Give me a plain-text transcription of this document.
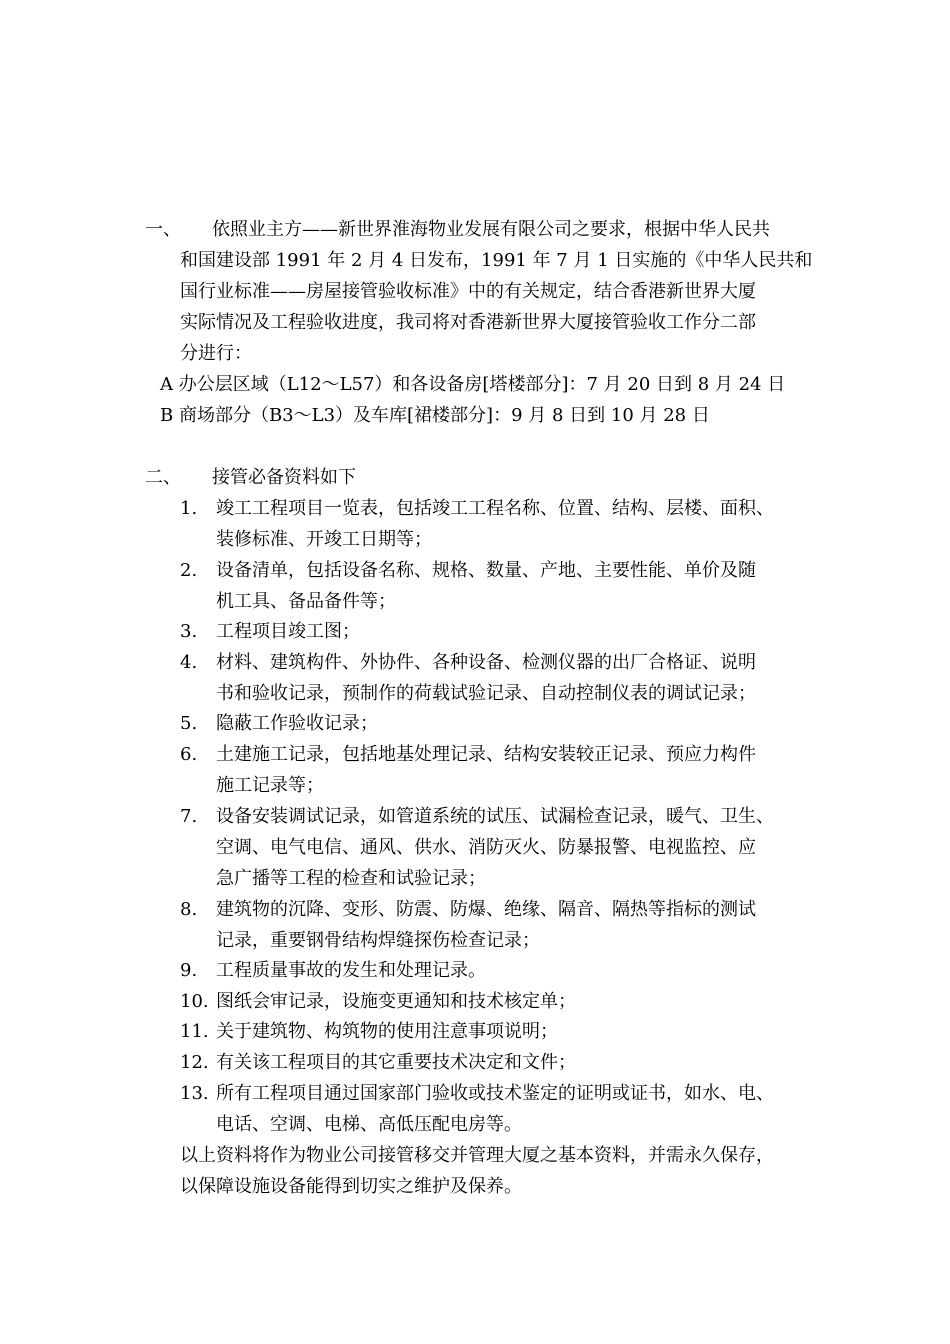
一、 依照业主方——新世界淮海物业发展有限公司之要求，根据中华人民共
和国建设部 1991 年 2 月 4 日发布，1991 年 7 月 1 日实施的《中华人民共和
国行业标准——房屋接管验收标准》中的有关规定，结合香港新世界大厦
实际情况及工程验收进度，我司将对香港新世界大厦接管验收工作分二部
分进行：
A 办公层区域（L12～L57）和各设备房[塔楼部分]：7 月 20 日到 8 月 24 日
B 商场部分（B3～L3）及车库[裙楼部分]：9 月 8 日到 10 月 28 日
二、 接管必备资料如下
1. 竣工工程项目一览表，包括竣工工程名称、位置、结构、层楼、面积、
装修标准、开竣工日期等；
2. 设备清单，包括设备名称、规格、数量、产地、主要性能、单价及随
机工具、备品备件等；
3. 工程项目竣工图；
4. 材料、建筑构件、外协件、各种设备、检测仪器的出厂合格证、说明
书和验收记录，预制作的荷载试验记录、自动控制仪表的调试记录；
5. 隐蔽工作验收记录；
6. 土建施工记录，包括地基处理记录、结构安装较正记录、预应力构件
施工记录等；
7. 设备安装调试记录，如管道系统的试压、试漏检查记录，暖气、卫生、
空调、电气电信、通风、供水、消防灭火、防暴报警、电视监控、应
急广播等工程的检查和试验记录；
8. 建筑物的沉降、变形、防震、防爆、绝缘、隔音、隔热等指标的测试
记录，重要钢骨结构焊缝探伤检查记录；
9. 工程质量事故的发生和处理记录。
10. 图纸会审记录，设施变更通知和技术核定单；
11. 关于建筑物、构筑物的使用注意事项说明；
12. 有关该工程项目的其它重要技术决定和文件；
13. 所有工程项目通过国家部门验收或技术鉴定的证明或证书，如水、电、
电话、空调、电梯、高低压配电房等。
以上资料将作为物业公司接管移交并管理大厦之基本资料，并需永久保存，
以保障设施设备能得到切实之维护及保养。
